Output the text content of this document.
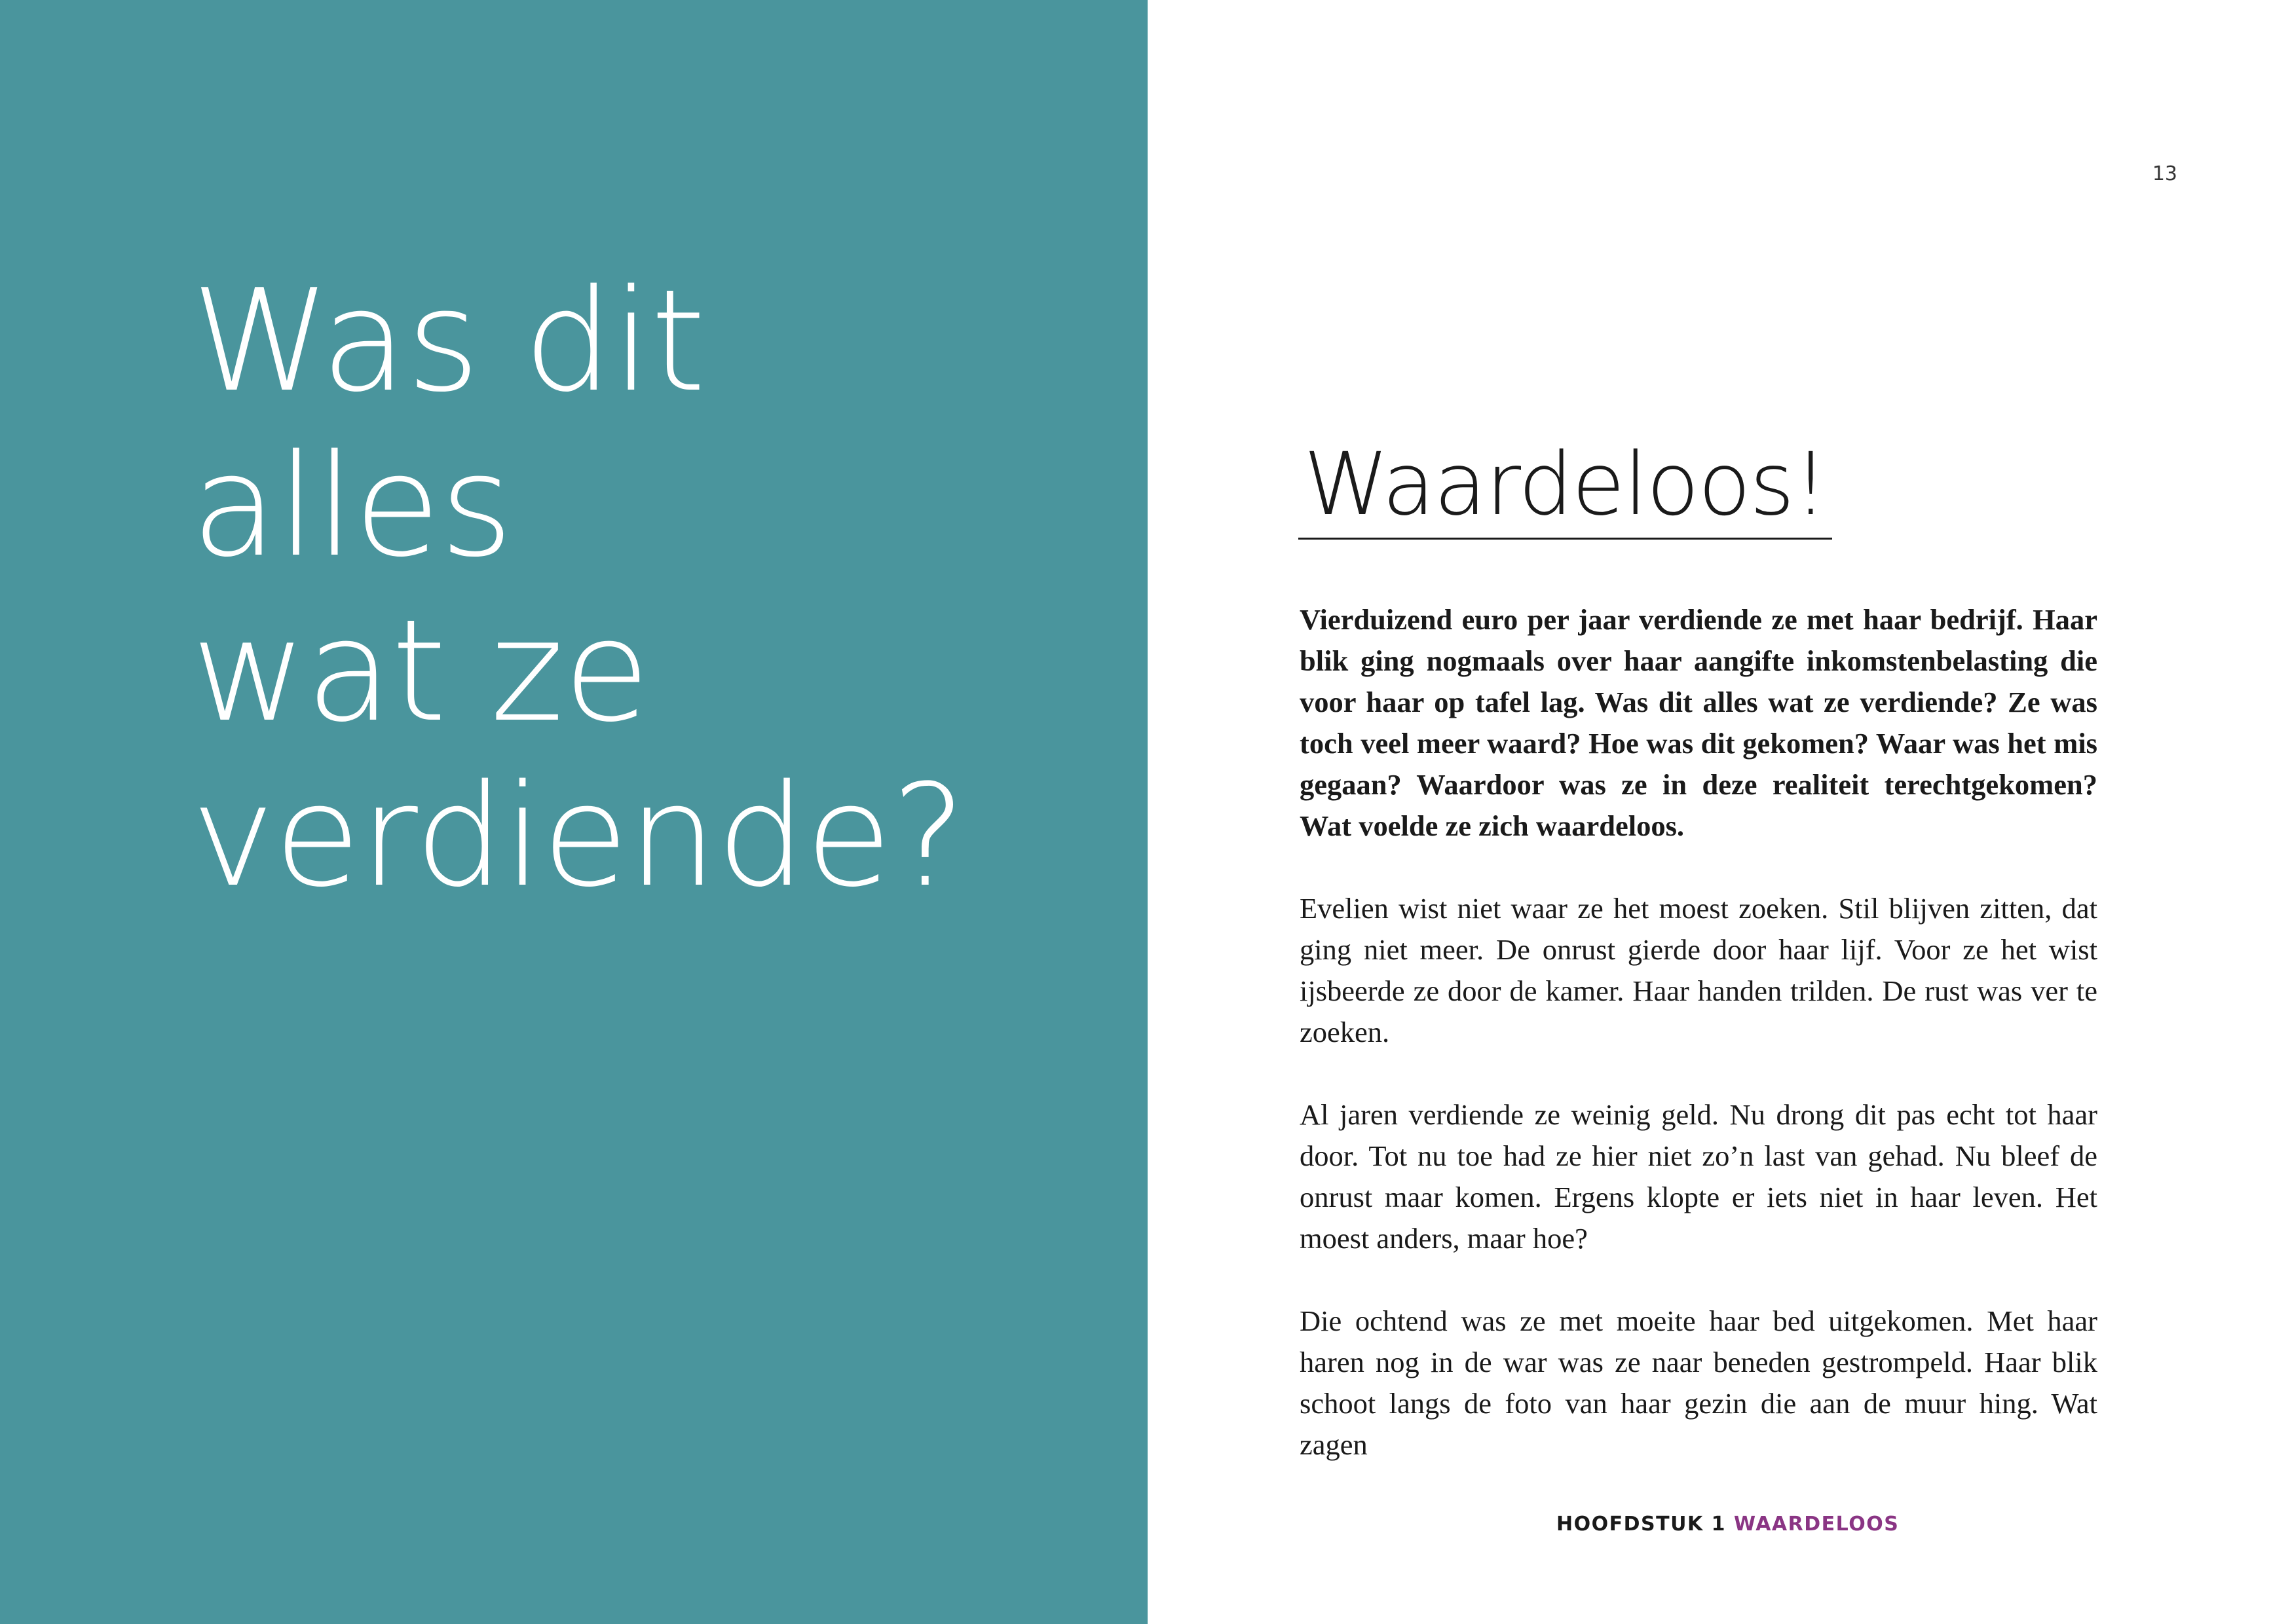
Was dit
alles
wat ze
verdiende?
13
Waardeloos!

Vierduizend euro per jaar verdiende ze met haar bedrijf. Haar blik ging nogmaals over haar aangifte inkomstenbelasting die voor haar op tafel lag. Was dit alles wat ze verdiende? Ze was toch veel meer waard? Hoe was dit gekomen? Waar was het mis gegaan? Waardoor was ze in deze realiteit terechtgekomen? Wat voelde ze zich waardeloos.

Evelien wist niet waar ze het moest zoeken. Stil blijven zitten, dat ging niet meer. De onrust gierde door haar lijf. Voor ze het wist ijsbeerde ze door de kamer. Haar handen trilden. De rust was ver te zoeken.

Al jaren verdiende ze weinig geld. Nu drong dit pas echt tot haar door. Tot nu toe had ze hier niet zo’n last van gehad. Nu bleef de onrust maar komen. Ergens klopte er iets niet in haar leven. Het moest anders, maar hoe?

Die ochtend was ze met moeite haar bed uitgekomen. Met haar haren nog in de war was ze naar beneden gestrompeld. Haar blik schoot langs de foto van haar gezin die aan de muur hing. Wat zagen

HOOFDSTUK 1 WAARDELOOS
